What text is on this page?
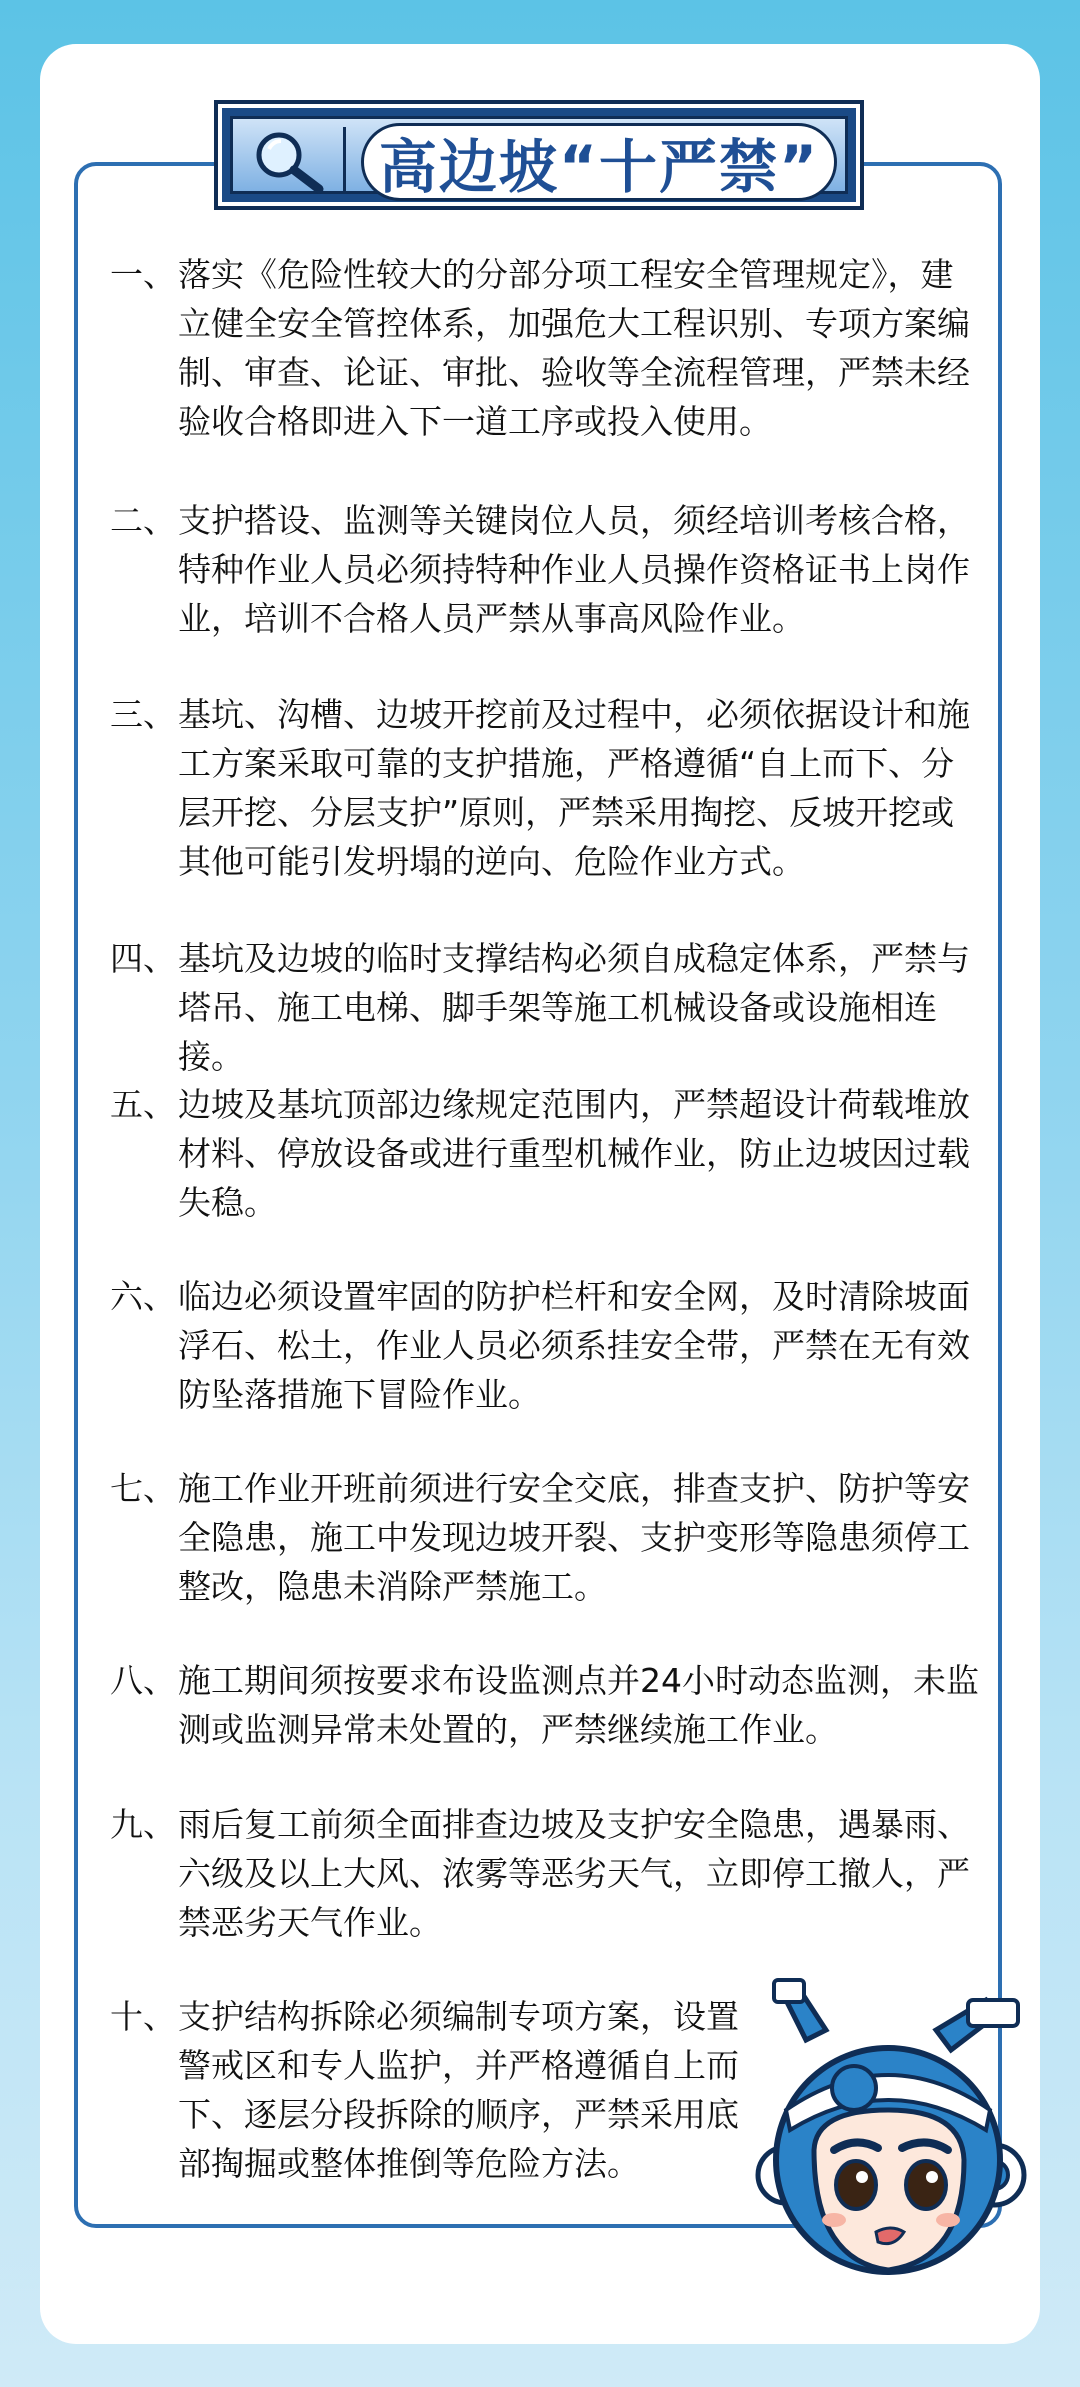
高边坡“十严禁”
一、 落实《危险性较大的分部分项工程安全管理规定》，建立健全安全管控体系，加强危大工程识别、专项方案编制、审查、论证、审批、验收等全流程管理，严禁未经验收合格即进入下一道工序或投入使用。
二、 支护搭设、监测等关键岗位人员，须经培训考核合格，特种作业人员必须持特种作业人员操作资格证书上岗作业，培训不合格人员严禁从事高风险作业。
三、 基坑、沟槽、边坡开挖前及过程中，必须依据设计和施工方案采取可靠的支护措施，严格遵循“自上而下、分层开挖、分层支护”原则，严禁采用掏挖、反坡开挖或其他可能引发坍塌的逆向、危险作业方式。
四、 基坑及边坡的临时支撑结构必须自成稳定体系，严禁与塔吊、施工电梯、脚手架等施工机械设备或设施相连接。
五、 边坡及基坑顶部边缘规定范围内，严禁超设计荷载堆放材料、停放设备或进行重型机械作业，防止边坡因过载失稳。
六、 临边必须设置牢固的防护栏杆和安全网，及时清除坡面浮石、松土，作业人员必须系挂安全带，严禁在无有效防坠落措施下冒险作业。
七、 施工作业开班前须进行安全交底，排查支护、防护等安全隐患，施工中发现边坡开裂、支护变形等隐患须停工整改，隐患未消除严禁施工。
八、 施工期间须按要求布设监测点并24小时动态监测，未监测或监测异常未处置的，严禁继续施工作业。
九、 雨后复工前须全面排查边坡及支护安全隐患，遇暴雨、六级及以上大风、浓雾等恶劣天气，立即停工撤人，严禁恶劣天气作业。
十、 支护结构拆除必须编制专项方案，设置警戒区和专人监护，并严格遵循自上而下、逐层分段拆除的顺序，严禁采用底部掏掘或整体推倒等危险方法。
